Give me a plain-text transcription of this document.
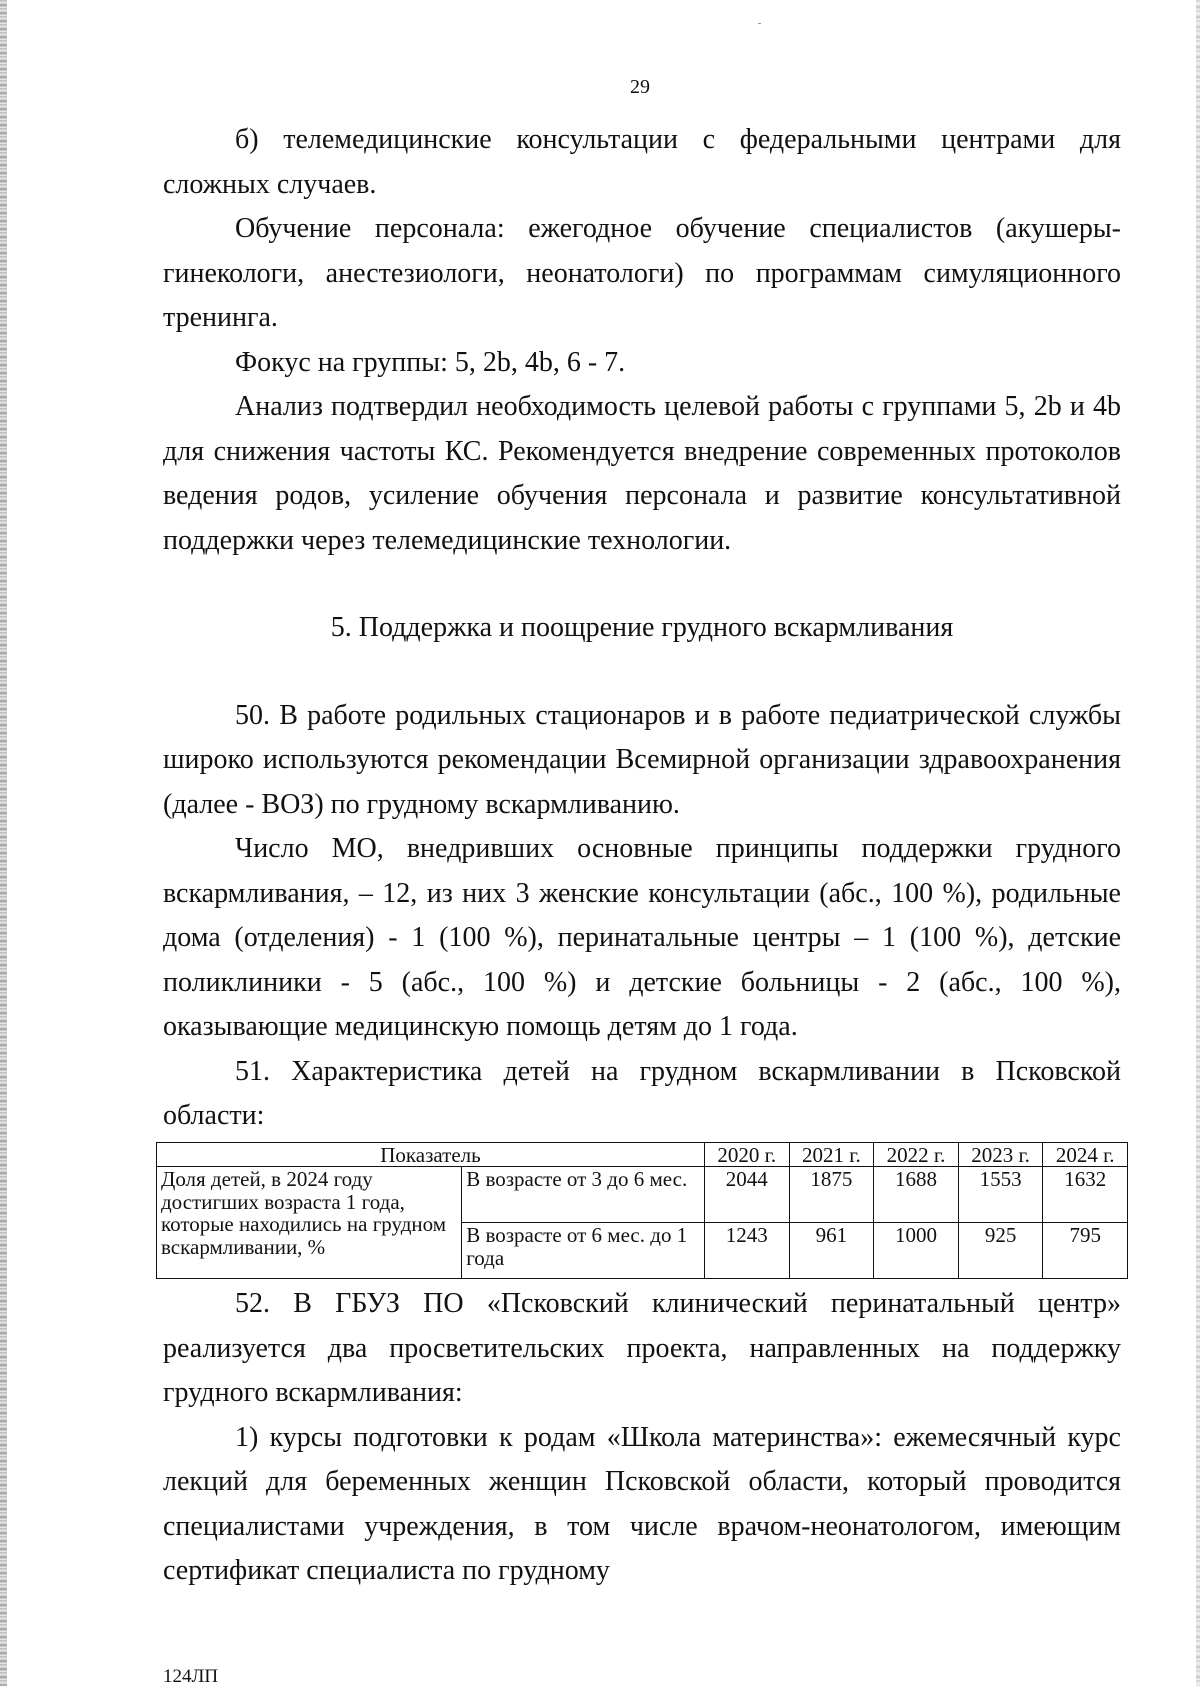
29

б) телемедицинские консультации с федеральными центрами для сложных случаев.

Обучение персонала: ежегодное обучение специалистов (акушеры-гинекологи, анестезиологи, неонатологи) по программам симуляционного тренинга.

Фокус на группы: 5, 2b, 4b, 6 - 7.

Анализ подтвердил необходимость целевой работы с группами 5, 2b и 4b для снижения частоты КС. Рекомендуется внедрение современных протоколов ведения родов, усиление обучения персонала и развитие консультативной поддержки через телемедицинские технологии.

5. Поддержка и поощрение грудного вскармливания

50. В работе родильных стационаров и в работе педиатрической службы широко используются рекомендации Всемирной организации здравоохранения (далее - ВОЗ) по грудному вскармливанию.

Число МО, внедривших основные принципы поддержки грудного вскармливания, – 12, из них 3 женские консультации (абс., 100 %), родильные дома (отделения) - 1 (100 %), перинатальные центры – 1 (100 %), детские поликлиники - 5 (абс., 100 %) и детские больницы - 2 (абс., 100 %), оказывающие медицинскую помощь детям до 1 года.

51. Характеристика детей на грудном вскармливании в Псковской области:

Показатель		2020 г.	2021 г.	2022 г.	2023 г.	2024 г.
Доля детей, в 2024 году достигших возраста 1 года, которые находились на грудном вскармливании, %	В возрасте от 3 до 6 мес.	2044	1875	1688	1553	1632
	В возрасте от 6 мес. до 1 года	1243	961	1000	925	795

52. В ГБУЗ ПО «Псковский клинический перинатальный центр» реализуется два просветительских проекта, направленных на поддержку грудного вскармливания:

1) курсы подготовки к родам «Школа материнства»: ежемесячный курс лекций для беременных женщин Псковской области, который проводится специалистами учреждения, в том числе врачом-неонатологом, имеющим сертификат специалиста по грудному

124ЛП
